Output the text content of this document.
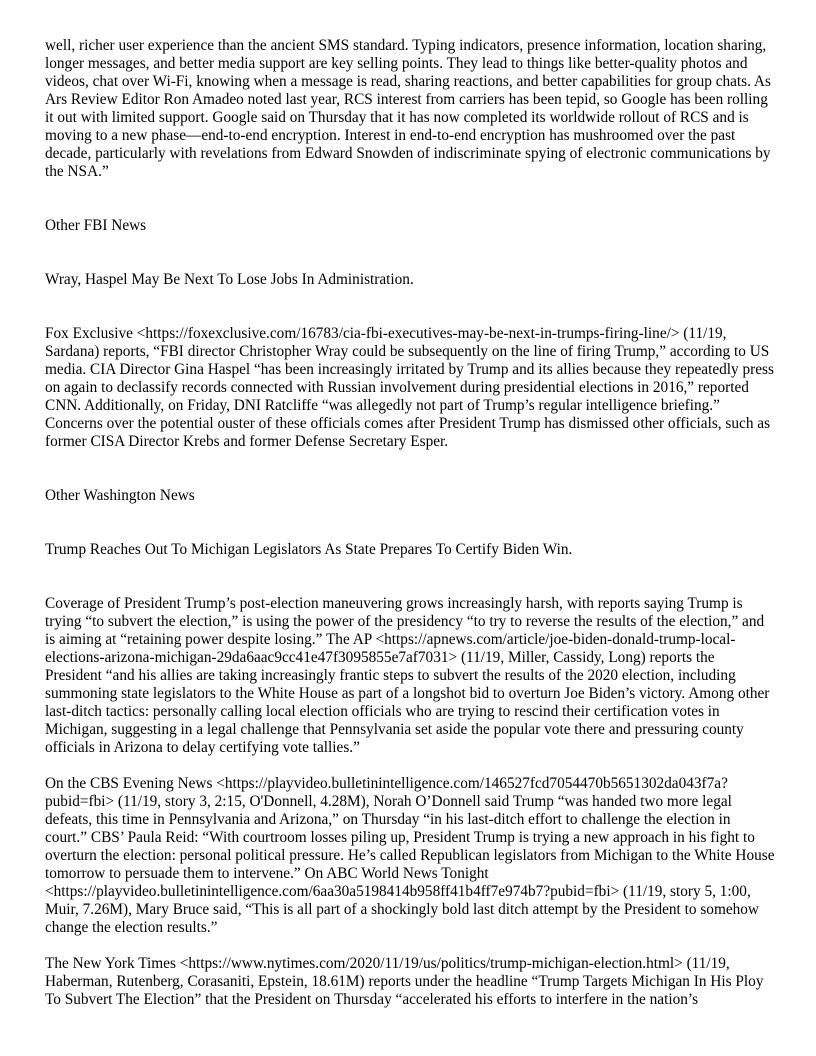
well, richer user experience than the ancient SMS standard. Typing indicators, presence information, location sharing, longer messages, and better media support are key selling points. They lead to things like better-quality photos and videos, chat over Wi-Fi, knowing when a message is read, sharing reactions, and better capabilities for group chats. As Ars Review Editor Ron Amadeo noted last year, RCS interest from carriers has been tepid, so Google has been rolling it out with limited support. Google said on Thursday that it has now completed its worldwide rollout of RCS and is moving to a new phase—end-to-end encryption. Interest in end-to-end encryption has mushroomed over the past decade, particularly with revelations from Edward Snowden of indiscriminate spying of electronic communications by the NSA.”

Other FBI News

Wray, Haspel May Be Next To Lose Jobs In Administration.

Fox Exclusive <https://foxexclusive.com/16783/cia-fbi-executives-may-be-next-in-trumps-firing-line/> (11/19, Sardana) reports, “FBI director Christopher Wray could be subsequently on the line of firing Trump,” according to US media. CIA Director Gina Haspel “has been increasingly irritated by Trump and its allies because they repeatedly press on again to declassify records connected with Russian involvement during presidential elections in 2016,” reported CNN. Additionally, on Friday, DNI Ratcliffe “was allegedly not part of Trump’s regular intelligence briefing.” Concerns over the potential ouster of these officials comes after President Trump has dismissed other officials, such as former CISA Director Krebs and former Defense Secretary Esper.

Other Washington News

Trump Reaches Out To Michigan Legislators As State Prepares To Certify Biden Win.

Coverage of President Trump’s post-election maneuvering grows increasingly harsh, with reports saying Trump is trying “to subvert the election,” is using the power of the presidency “to try to reverse the results of the election,” and is aiming at “retaining power despite losing.” The AP <https://apnews.com/article/joe-biden-donald-trump-local-elections-arizona-michigan-29da6aac9cc41e47f3095855e7af7031> (11/19, Miller, Cassidy, Long) reports the President “and his allies are taking increasingly frantic steps to subvert the results of the 2020 election, including summoning state legislators to the White House as part of a longshot bid to overturn Joe Biden’s victory. Among other last-ditch tactics: personally calling local election officials who are trying to rescind their certification votes in Michigan, suggesting in a legal challenge that Pennsylvania set aside the popular vote there and pressuring county officials in Arizona to delay certifying vote tallies.”

On the CBS Evening News <https://playvideo.bulletinintelligence.com/146527fcd7054470b5651302da043f7a?pubid=fbi> (11/19, story 3, 2:15, O'Donnell, 4.28M), Norah O’Donnell said Trump “was handed two more legal defeats, this time in Pennsylvania and Arizona,” on Thursday “in his last-ditch effort to challenge the election in court.” CBS’ Paula Reid: “With courtroom losses piling up, President Trump is trying a new approach in his fight to overturn the election: personal political pressure. He’s called Republican legislators from Michigan to the White House tomorrow to persuade them to intervene.” On ABC World News Tonight <https://playvideo.bulletinintelligence.com/6aa30a5198414b958ff41b4ff7e974b7?pubid=fbi> (11/19, story 5, 1:00, Muir, 7.26M), Mary Bruce said, “This is all part of a shockingly bold last ditch attempt by the President to somehow change the election results.”

The New York Times <https://www.nytimes.com/2020/11/19/us/politics/trump-michigan-election.html> (11/19, Haberman, Rutenberg, Corasaniti, Epstein, 18.61M) reports under the headline “Trump Targets Michigan In His Ploy To Subvert The Election” that the President on Thursday “accelerated his efforts to interfere in the nation’s
